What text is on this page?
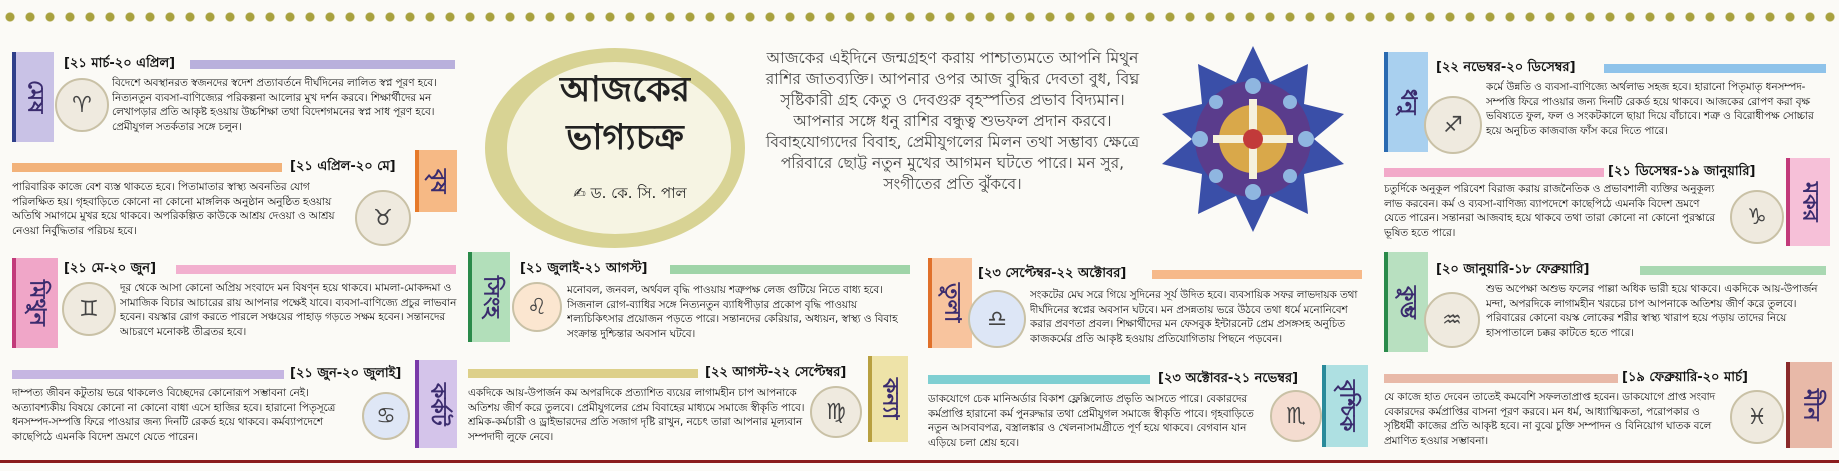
আজকের
ভাগ্যচক্র
✍ ড. কে. সি. পাল
আজকের এইদিনে জন্মগ্রহণ করায় পাশ্চাত্যমতে আপনি মিথুন রাশির জাতব্যক্তি। আপনার ওপর আজ বুদ্ধির দেবতা বুধ, বিঘ্ন সৃষ্টিকারী গ্রহ কেতু ও দেবগুরু বৃহস্পতির প্রভাব বিদ্যমান। আপনার সঙ্গে ধনু রাশির বন্ধুত্ব শুভফল প্রদান করবে। বিবাহযোগ্যদের বিবাহ, প্রেমীযুগলের মিলন তথা সম্ভাব্য ক্ষেত্রে পরিবারে ছোট্ট নতুন মুখের আগমন ঘটতে পারে। মন সুর, সংগীতের প্রতি ঝুঁকবে।
মেষ
[২১ মার্চ-২০ এপ্রিল]
♈
বিদেশে অবস্থানরত স্বজনদের স্বদেশ প্রত্যাবর্তনে দীর্ঘদিনের লালিত স্বপ্ন পূরণ হবে। নিত্যনতুন ব্যবসা-বাণিজ্যের পরিকল্পনা আলোর মুখ দর্শন করবে। শিক্ষার্থীদের মন লেখাপড়ার প্রতি আকৃষ্ট হওয়ায় উচ্চশিক্ষা তথা বিদেশগমনের স্বপ্ন সাধ পূরণ হবে। প্রেমীযুগল সতর্কতার সঙ্গে চলুন।
[২১ এপ্রিল-২০ মে]
বৃষ
♉
পারিবারিক কাজে বেশ ব্যস্ত থাকতে হবে। পিতামাতার স্বাস্থ্য অবনতির যোগ পরিলক্ষিত হয়। গৃহবাড়িতে কোনো না কোনো মাঙ্গলিক অনুষ্ঠান অনুষ্ঠিত হওয়ায় অতিথি সমাগমে মুখর হয়ে থাকবে। অপরিকল্পিত কাউকে আশ্রয় দেওয়া ও আশ্রয় নেওয়া নির্বুদ্ধিতার পরিচয় হবে।
মিথুন
[২১ মে-২০ জুন]
♊
দূর থেকে আসা কোনো অপ্রিয় সংবাদে মন বিষণ্ন হয়ে থাকবে। মামলা-মোকদ্দমা ও সামাজিক বিচার আচারের রায় আপনার পক্ষেই যাবে। ব্যবসা-বাণিজ্যে প্রচুর লাভবান হবেন। বয়স্কার রোগ করতে পারলে সঞ্চয়ের পাহাড় গড়তে সক্ষম হবেন। সন্তানদের আচরণে মনোকষ্ট তীব্রতর হবে।
[২১ জুন-২০ জুলাই]
কর্কট
♋
দাম্পত্য জীবন কটুতায় ভরে থাকলেও বিচ্ছেদের কোনোরূপ সম্ভাবনা নেই। অত্যাবশ্যকীয় বিষয়ে কোনো না কোনো বাধা এসে হাজির হবে। হারানো পিতৃসূত্রে ধনসম্পদ-সম্পত্তি ফিরে পাওয়ার জন্য দিনটি রেকর্ড হয়ে থাকবে। কর্মব্যাপদেশে কাছেপিঠে এমনকি বিদেশ ভ্রমণে যেতে পারেন।
সিংহ
[২১ জুলাই-২১ আগস্ট]
♌
মনোবল, জনবল, অর্থবল বৃদ্ধি পাওয়ায় শত্রুপক্ষ লেজ গুটিয়ে নিতে বাধ্য হবে। সিজনাল রোগ-ব্যাধির সঙ্গে নিত্যনতুন ব্যাধিপীড়ার প্রকোপ বৃদ্ধি পাওয়ায় শল্যচিকিৎসার প্রয়োজন পড়তে পারে। সন্তানদের কেরিয়ার, অধ্যয়ন, স্বাস্থ্য ও বিবাহ সংক্রান্ত দুশ্চিন্তার অবসান ঘটবে।
[২২ আগস্ট-২২ সেপ্টেম্বর]
কন্যা
♍
একদিকে আয়-উপার্জন কম অপরদিকে প্রত্যাশিত ব্যয়ের লাগামহীন চাপ আপনাকে অতিশয় জীর্ণ করে তুলবে। প্রেমীযুগলের প্রেম বিবাহের মাধ্যমে সমাজে স্বীকৃতি পাবে। শ্রমিক-কর্মচারী ও ড্রাইভারদের প্রতি সজাগ দৃষ্টি রাখুন, নচেৎ তারা আপনার মূল্যবান সম্পদাদী লুফে নেবে।
তুলা
[২৩ সেপ্টেম্বর-২২ অক্টোবর]
♎
সংকটের মেঘ সরে গিয়ে সুদিনের সূর্য উদিত হবে। ব্যবসায়িক সফর লাভদায়ক তথা দীর্ঘদিনের স্বপ্নের অবসান ঘটবে। মন প্রসন্নতায় ভরে উঠবে তথা ধর্মে মনোনিবেশ করার প্রবণতা প্রবল। শিক্ষার্থীদের মন ফেসবুক ইন্টারনেট প্রেম প্রসঙ্গসহ অনুচিত কাজকর্মের প্রতি আকৃষ্ট হওয়ায় প্রতিযোগিতায় পিছনে পড়বেন।
[২৩ অক্টোবর-২১ নভেম্বর]
বৃশ্চিক
♏
ডাকযোগে চেক মানিঅর্ডার বিকাশ ফ্লেক্সিলোড প্রভৃতি আসতে পারে। বেকারদের কর্মপ্রাপ্তি হারানো কর্ম পুনরুদ্ধার তথা প্রেমীযুগল সমাজে স্বীকৃতি পাবে। গৃহবাড়িতে নতুন আসবাবপত্র, বস্ত্রালঙ্কার ও খেলনাসামগ্রীতে পূর্ণ হয়ে থাকবে। বেগবান যান এড়িয়ে চলা শ্রেয় হবে।
ধনু
[২২ নভেম্বর-২০ ডিসেম্বর]
♐
কর্মে উন্নতি ও ব্যবসা-বাণিজ্যে অর্থলাভ সহজ হবে। হারানো পিতৃমাতৃ ধনসম্পদ-সম্পত্তি ফিরে পাওয়ার জন্য দিনটি রেকর্ড হয়ে থাকবে। আজকের রোপণ করা বৃক্ষ ভবিষ্যতে ফুল, ফল ও সংকটকালে ছায়া দিয়ে বাঁচাবে। শত্রু ও বিরোধীপক্ষ সোচ্চার হয়ে অনুচিত কাজবাজ ফাঁস করে দিতে পারে।
[২১ ডিসেম্বর-১৯ জানুয়ারি]
মকর
♑
চতুর্দিকে অনুকূল পরিবেশ বিরাজ করায় রাজনৈতিক ও প্রভাবশালী ব্যক্তির অনুকূল্য লাভ করবেন। কর্ম ও ব্যবসা-বাণিজ্য ব্যাপদেশে কাছেপিঠে এমনকি বিদেশ ভ্রমণে যেতে পারেন। সন্তানরা আজবাহ হয়ে থাকবে তথা তারা কোনো না কোনো পুরস্কারে ভূষিত হতে পারে।
কুম্ভ
[২০ জানুয়ারি-১৮ ফেব্রুয়ারি]
♒
শুভ অপেক্ষা অশুভ ফলের পাল্লা অধিক ভারী হয়ে থাকবে। একদিকে আয়-উপার্জন মন্দা, অপরদিকে লাগামহীন খরচের চাপ আপনাকে অতিশয় জীর্ণ করে তুলবে। পরিবারের কোনো বয়স্ক লোকের শরীর স্বাস্থ্য খারাপ হয়ে পড়ায় তাদের নিয়ে হাসপাতালে চক্কর কাটতে হতে পারে।
[১৯ ফেব্রুয়ারি-২০ মার্চ]
মীন
♓
যে কাজে হাত দেবেন তাতেই কমবেশি সফলতাপ্রাপ্ত হবেন। ডাকযোগে প্রাপ্ত সংবাদ বেকারদের কর্মপ্রাপ্তির বাসনা পূরণ করবে। মন ধর্ম, আধ্যাত্মিকতা, পরোপকার ও সৃষ্টিধর্মী কাজের প্রতি আকৃষ্ট হবে। না বুঝে চুক্তি সম্পাদন ও বিনিয়োগ ঘাতক বলে প্রমাণিত হওয়ার সম্ভাবনা।
